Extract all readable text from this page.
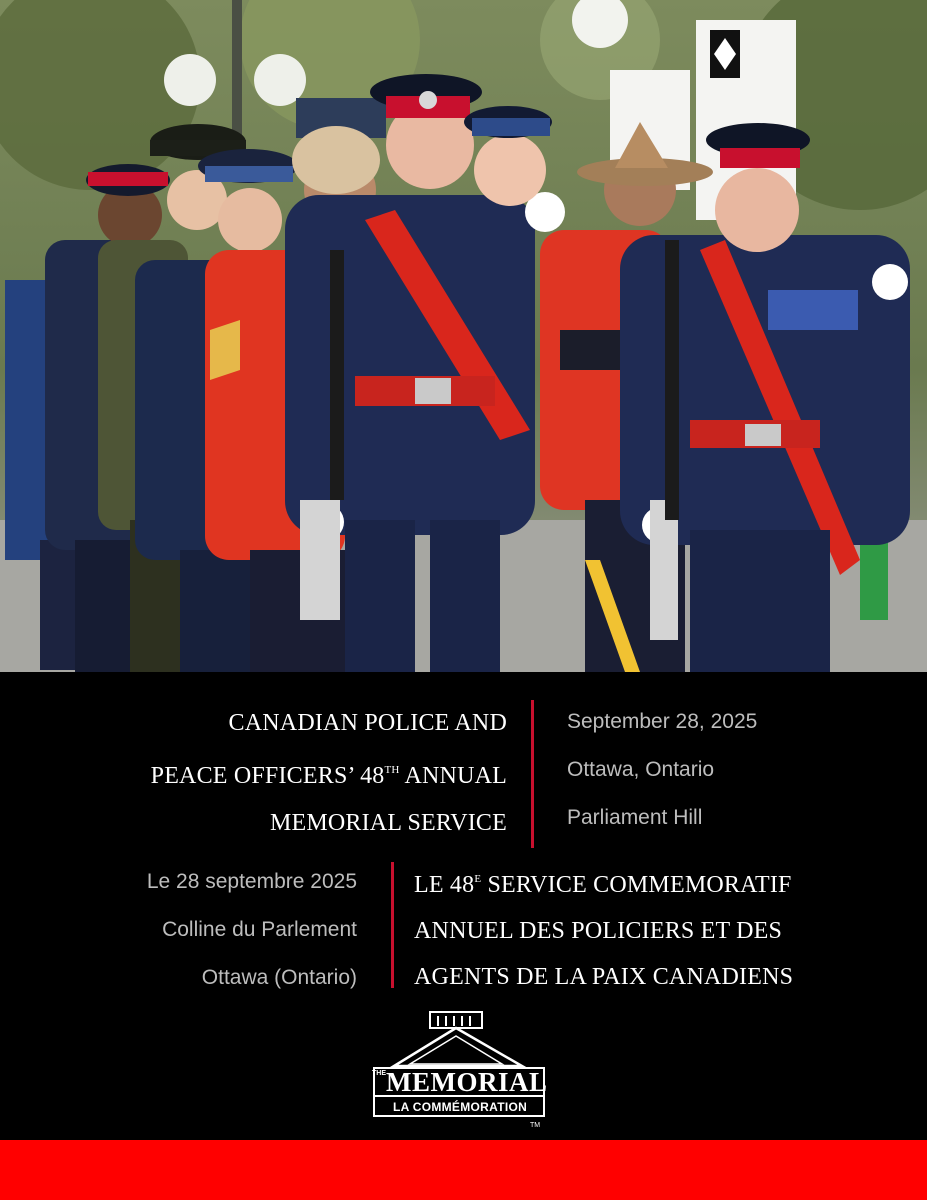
CANADIAN POLICE AND
PEACE OFFICERS’ 48TH ANNUAL
MEMORIAL SERVICE
September 28, 2025
Ottawa, Ontario
Parliament Hill
Le 28 septembre 2025
Colline du Parlement
Ottawa (Ontario)
LE $48^E$ SERVICE COMMEMORATIF
ANNUEL DES POLICIERS ET DES
AGENTS DE LA PAIX CANADIENS
THE MEMORIAL
LA COMMÉMORATION
TM
